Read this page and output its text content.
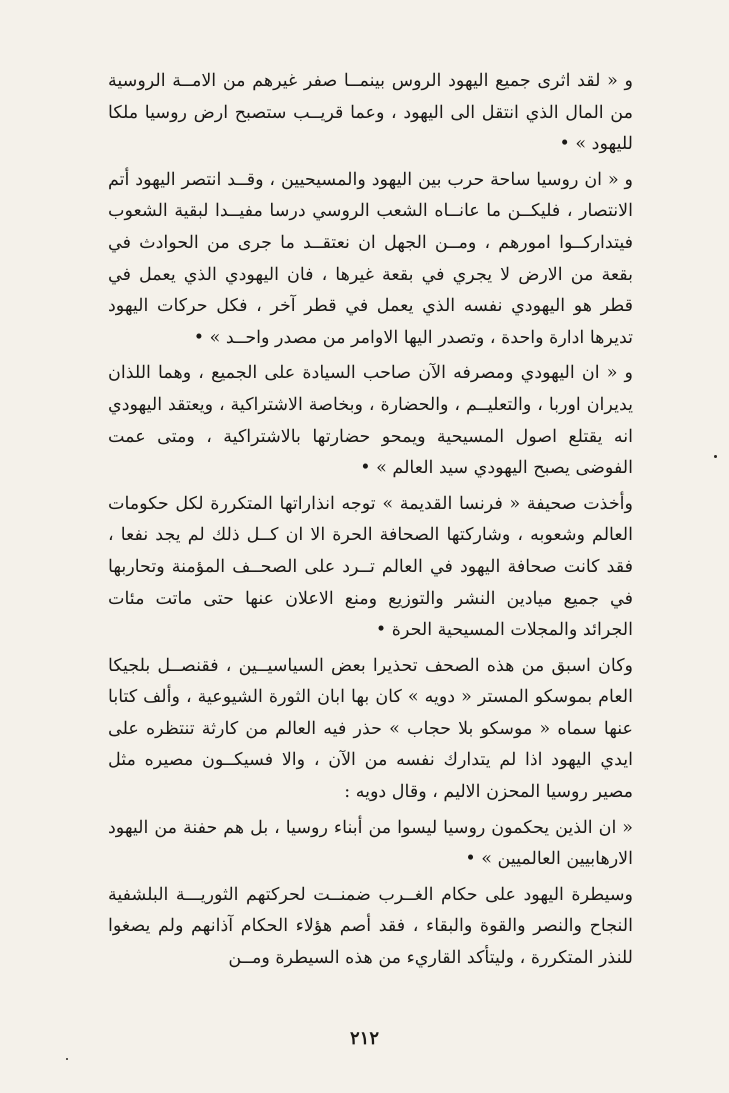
و « لقد اثرى جميع اليهود الروس بينمــا صفر غيرهم من الامــة الروسية من المال الذي انتقل الى اليهود ، وعما قريــب ستصبح ارض روسيا ملكا لليهود » •

و « ان روسيا ساحة حرب بين اليهود والمسيحيين ، وقــد انتصر اليهود أتم الانتصار ، فليكــن ما عانــاه الشعب الروسي درسا مفيــدا لبقية الشعوب فيتداركــوا امورهم ، ومــن الجهل ان نعتقــد ما جرى من الحوادث في بقعة من الارض لا يجري في بقعة غيرها ، فان اليهودي الذي يعمل في قطر هو اليهودي نفسه الذي يعمل في قطر آخر ، فكل حركات اليهود تديرها ادارة واحدة ، وتصدر اليها الاوامر من مصدر واحــد » •

و « ان اليهودي ومصرفه الآن صاحب السيادة على الجميع ، وهما اللذان يديران اوربا ، والتعليــم ، والحضارة ، وبخاصة الاشتراكية ، ويعتقد اليهودي انه يقتلع اصول المسيحية ويمحو حضارتها بالاشتراكية ، ومتى عمت الفوضى يصبح اليهودي سيد العالم » •

وأخذت صحيفة « فرنسا القديمة » توجه انذاراتها المتكررة لكل حكومات العالم وشعوبه ، وشاركتها الصحافة الحرة الا ان كــل ذلك لم يجد نفعا ، فقد كانت صحافة اليهود في العالم تــرد على الصحــف المؤمنة وتحاربها في جميع ميادين النشر والتوزيع ومنع الاعلان عنها حتى ماتت مئات الجرائد والمجلات المسيحية الحرة •

وكان اسبق من هذه الصحف تحذيرا بعض السياسيــين ، فقنصــل بلجيكا العام بموسكو المستر « دويه » كان بها ابان الثورة الشيوعية ، وألف كتابا عنها سماه « موسكو بلا حجاب » حذر فيه العالم من كارثة تنتظره على ايدي اليهود اذا لم يتدارك نفسه من الآن ، والا فسيكــون مصيره مثل مصير روسيا المحزن الاليم ، وقال دويه :

« ان الذين يحكمون روسيا ليسوا من أبناء روسيا ، بل هم حفنة من اليهود الارهابيين العالميين » •

وسيطرة اليهود على حكام الغــرب ضمنــت لحركتهم الثوريـــة البلشفية النجاح والنصر والقوة والبقاء ، فقد أصم هؤلاء الحكام آذانهم ولم يصغوا للنذر المتكررة ، وليتأكد القاريء من هذه السيطرة ومــن

٢١٢
